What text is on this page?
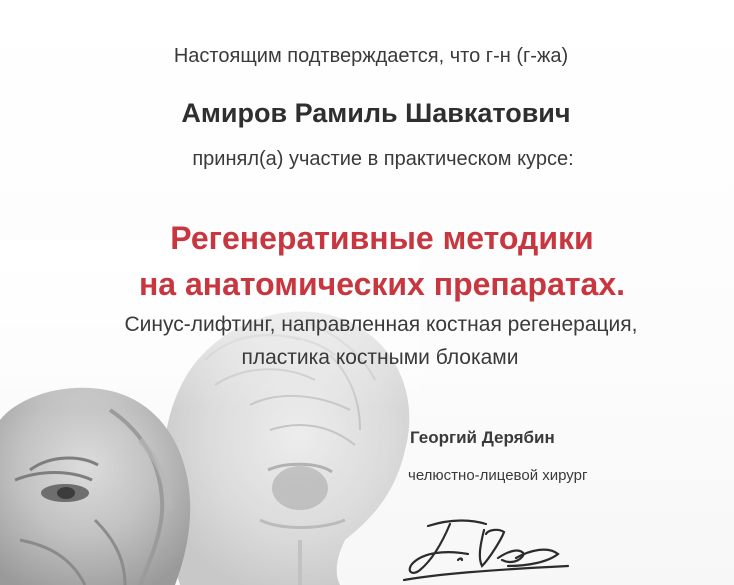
Настоящим подтверждается, что г-н (г-жа)

Амиров Рамиль Шавкатович

принял(а) участие в практическом курсе:

Регенеративные методики

на анатомических препаратах.

Синус-лифтинг, направленная костная регенерация,

пластика костными блоками

Георгий Дерябин

челюстно-лицевой хирург
